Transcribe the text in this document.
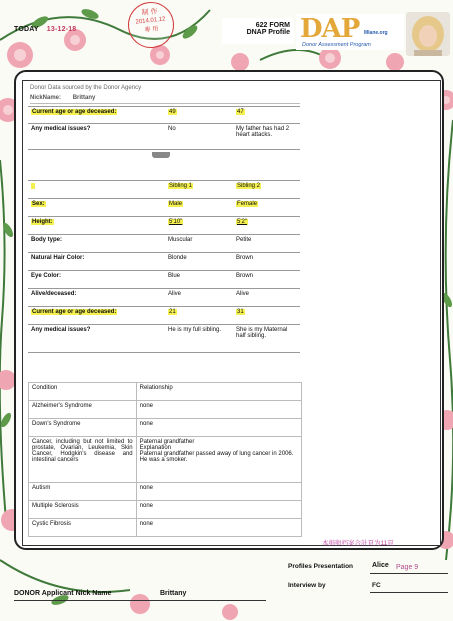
TODAY 13-12-18
制 作
2014.01.12
專 用
622 FORM
DNAP Profile DAP Mlane.org
Donor Assessment Program
Donor Data sourced by the Donor Agency
NickName: Brittany
Current age or age deceased:	49	47
Any medical issues?	No	My father has had 2 heart attacks.
	Sibling 1	Sibling 2
Sex:	Male	Female
Height:	5'10"	5'2"
Body type:	Muscular	Petite
Natural Hair Color:	Blonde	Brown
Eye Color:	Blue	Brown
Alive/deceased:	Alive	Alive
Current age or age deceased:	21	31
Any medical issues?	He is my full sibling.	She is my Maternal half sibling.
Condition	Relationship
Alzheimer's Syndrome	none
Down's Syndrome	none
Cancer, including but not limited to prostate, Ovarian, Leukemia, Skin Cancer, Hodgkin's disease and intestinal cancers	Paternal grandfather
Explanation
Paternal grandfather passed away of lung cancer in 2006. He was a smoker.
Autism	none
Multiple Sclerosis	none
Cystic Fibrosis	none
本捐卵档案合計頁为11頁
Profiles Presentation	Alice Page 9
Interview by	FC
DONOR Applicant Nick Name	Brittany
